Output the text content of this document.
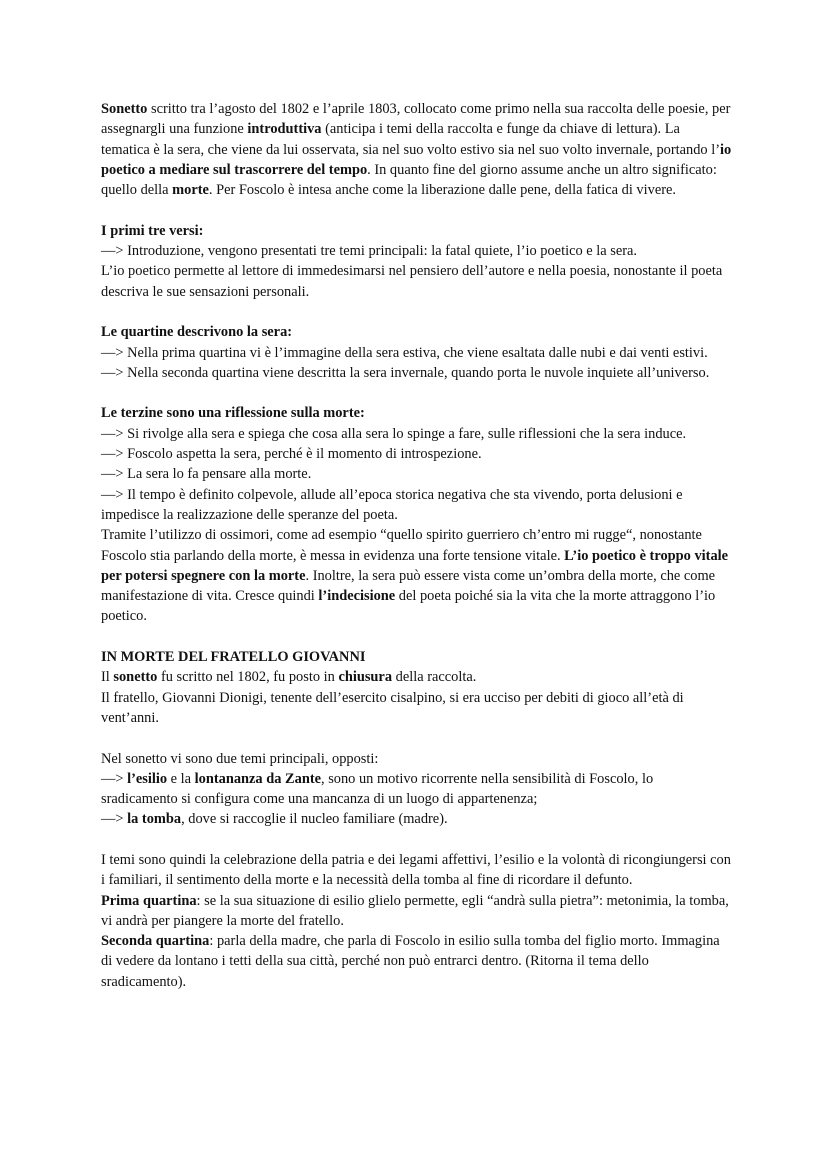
Sonetto scritto tra l’agosto del 1802 e l’aprile 1803, collocato come primo nella sua raccolta delle poesie, per assegnargli una funzione introduttiva (anticipa i temi della raccolta e funge da chiave di lettura). La tematica è la sera, che viene da lui osservata, sia nel suo volto estivo sia nel suo volto invernale, portando l’io poetico a mediare sul trascorrere del tempo. In quanto fine del giorno assume anche un altro significato: quello della morte. Per Foscolo è intesa anche come la liberazione dalle pene, della fatica di vivere.

I primi tre versi:

—> Introduzione, vengono presentati tre temi principali: la fatal quiete, l’io poetico e la sera.

L’io poetico permette al lettore di immedesimarsi nel pensiero dell’autore e nella poesia, nonostante il poeta descriva le sue sensazioni personali.

Le quartine descrivono la sera:

—> Nella prima quartina vi è l’immagine della sera estiva, che viene esaltata dalle nubi e dai venti estivi.

—> Nella seconda quartina viene descritta la sera invernale, quando porta le nuvole inquiete all’universo.

Le terzine sono una riflessione sulla morte:

—> Si rivolge alla sera e spiega che cosa alla sera lo spinge a fare, sulle riflessioni che la sera induce.

—> Foscolo aspetta la sera, perché è il momento di introspezione.

—> La sera lo fa pensare alla morte.

—> Il tempo è definito colpevole, allude all’epoca storica negativa che sta vivendo, porta delusioni e impedisce la realizzazione delle speranze del poeta.

Tramite l’utilizzo di ossimori, come ad esempio “quello spirito guerriero ch’entro mi rugge“, nonostante Foscolo stia parlando della morte, è messa in evidenza una forte tensione vitale. L’io poetico è troppo vitale per potersi spegnere con la morte. Inoltre, la sera può essere vista come un’ombra della morte, che come manifestazione di vita. Cresce quindi l’indecisione del poeta poiché sia la vita che la morte attraggono l’io poetico.

IN MORTE DEL FRATELLO GIOVANNI

Il sonetto fu scritto nel 1802, fu posto in chiusura della raccolta.

Il fratello, Giovanni Dionigi, tenente dell’esercito cisalpino, si era ucciso per debiti di gioco all’età di vent’anni.

Nel sonetto vi sono due temi principali, opposti:

—> l’esilio e la lontananza da Zante, sono un motivo ricorrente nella sensibilità di Foscolo, lo sradicamento si configura come una mancanza di un luogo di appartenenza;

—> la tomba, dove si raccoglie il nucleo familiare (madre).

I temi sono quindi la celebrazione della patria e dei legami affettivi, l’esilio e la volontà di ricongiungersi con i familiari, il sentimento della morte e la necessità della tomba al fine di ricordare il defunto.

Prima quartina: se la sua situazione di esilio glielo permette, egli “andrà sulla pietra”: metonimia, la tomba, vi andrà per piangere la morte del fratello.

Seconda quartina: parla della madre, che parla di Foscolo in esilio sulla tomba del figlio morto. Immagina di vedere da lontano i tetti della sua città, perché non può entrarci dentro. (Ritorna il tema dello sradicamento).
